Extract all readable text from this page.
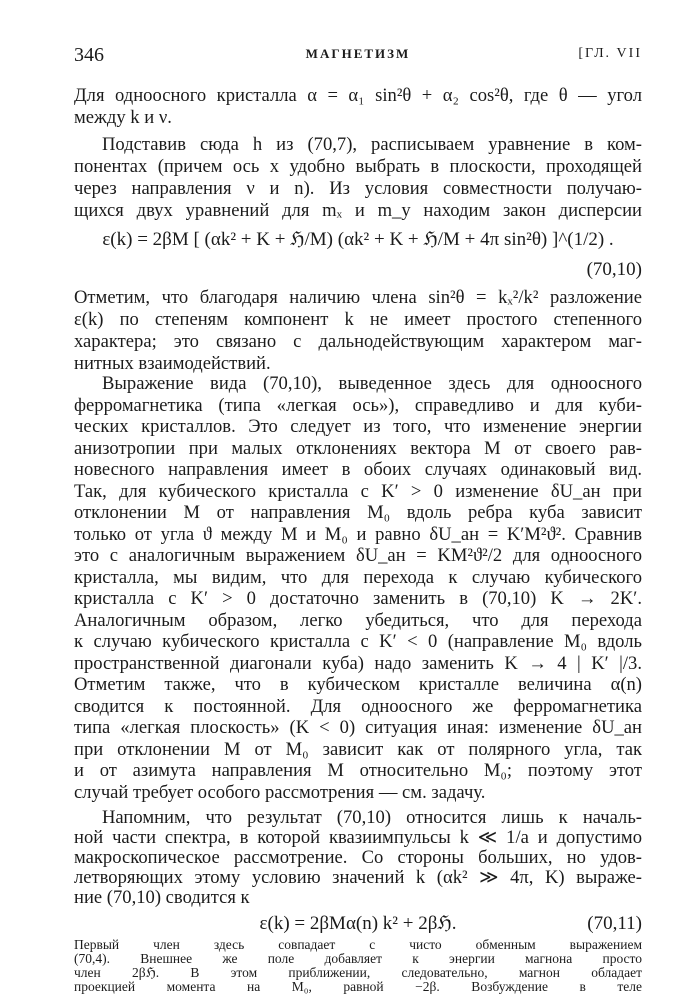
346	МАГНЕТИЗМ	[ГЛ. VII
Для одноосного кристалла α = α₁ sin²θ + α₂ cos²θ, где θ — угол
между k и ν.
Подставив сюда h из (70,7), расписываем уравнение в ком-
понентах (причем ось x удобно выбрать в плоскости, проходящей
через направления ν и n). Из условия совместности получаю-
щихся двух уравнений для mₓ и m_y находим закон дисперсии
ε(k) = 2βM [ (αk² + K + ℌ/M) (αk² + K + ℌ/M + 4π sin²θ) ]^(1/2) .
(70,10)
Отметим, что благодаря наличию члена sin²θ = kₓ²/k² разложение
ε(k) по степеням компонент k не имеет простого степенного
характера; это связано с дальнодействующим характером маг-
нитных взаимодействий.
Выражение вида (70,10), выведенное здесь для одноосного
ферромагнетика (типа «легкая ось»), справедливо и для куби-
ческих кристаллов. Это следует из того, что изменение энергии
анизотропии при малых отклонениях вектора M от своего рав-
новесного направления имеет в обоих случаях одинаковый вид.
Так, для кубического кристалла с K′ > 0 изменение δU_ан при
отклонении M от направления M₀ вдоль ребра куба зависит
только от угла ϑ между M и M₀ и равно δU_ан = K′M²ϑ². Сравнив
это с аналогичным выражением δU_ан = KM²ϑ²/2 для одноосного
кристалла, мы видим, что для перехода к случаю кубического
кристалла с K′ > 0 достаточно заменить в (70,10) K → 2K′.
Аналогичным образом, легко убедиться, что для перехода
к случаю кубического кристалла с K′ < 0 (направление M₀ вдоль
пространственной диагонали куба) надо заменить K → 4 | K′ |/3.
Отметим также, что в кубическом кристалле величина α(n)
сводится к постоянной. Для одноосного же ферромагнетика
типа «легкая плоскость» (K < 0) ситуация иная: изменение δU_ан
при отклонении M от M₀ зависит как от полярного угла, так
и от азимута направления M относительно M₀; поэтому этот
случай требует особого рассмотрения — см. задачу.
Напомним, что результат (70,10) относится лишь к началь-
ной части спектра, в которой квазиимпульсы k ≪ 1/a и допустимо
макроскопическое рассмотрение. Со стороны больших, но удов-
летворяющих этому условию значений k (αk² ≫ 4π, K) выраже-
ние (70,10) сводится к
ε(k) = 2βMα(n) k² + 2βℌ.	(70,11)
Первый член здесь совпадает с чисто обменным выражением
(70,4). Внешнее же поле добавляет к энергии магнона просто
член 2βℌ. В этом приближении, следовательно, магнон обладает
проекцией момента на M₀, равной −2β. Возбуждение в теле
